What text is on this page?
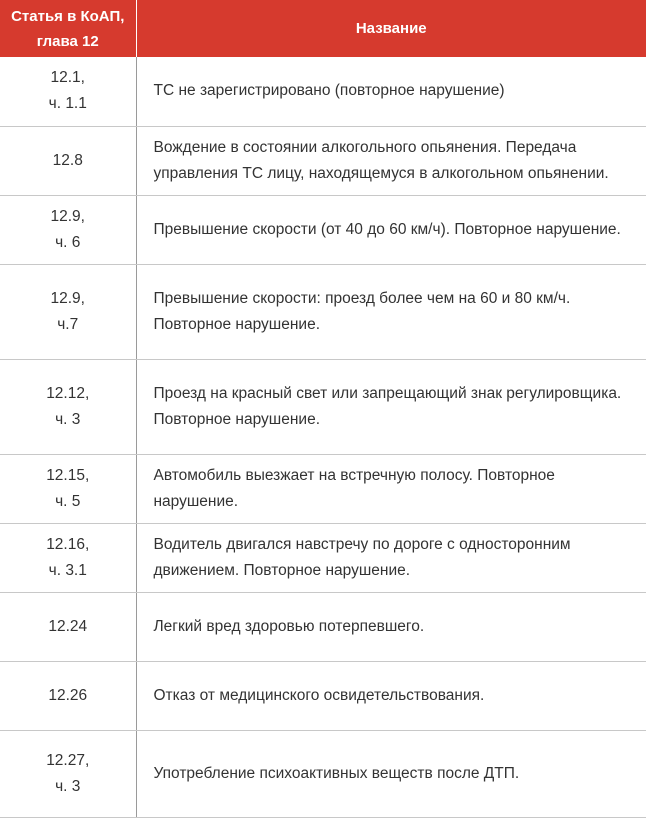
Статья в КоАП,
глава 12	Название
12.1,
ч. 1.1	ТС не зарегистрировано (повторное нарушение)
12.8	Вождение в состоянии алкогольного опьянения. Передача управления ТС лицу, находящемуся в алкогольном опьянении.
12.9,
ч. 6	Превышение скорости (от 40 до 60 км/ч). Повторное нарушение.
12.9,
ч.7	Превышение скорости: проезд более чем на 60 и 80 км/ч. Повторное нарушение.
12.12,
ч. 3	Проезд на красный свет или запрещающий знак регулировщика. Повторное нарушение.
12.15,
ч. 5	Автомобиль выезжает на встречную полосу. Повторное нарушение.
12.16,
ч. 3.1	Водитель двигался навстречу по дороге с односторонним движением. Повторное нарушение.
12.24	Легкий вред здоровью потерпевшего.
12.26	Отказ от медицинского освидетельствования.
12.27,
ч. 3	Употребление психоактивных веществ после ДТП.
